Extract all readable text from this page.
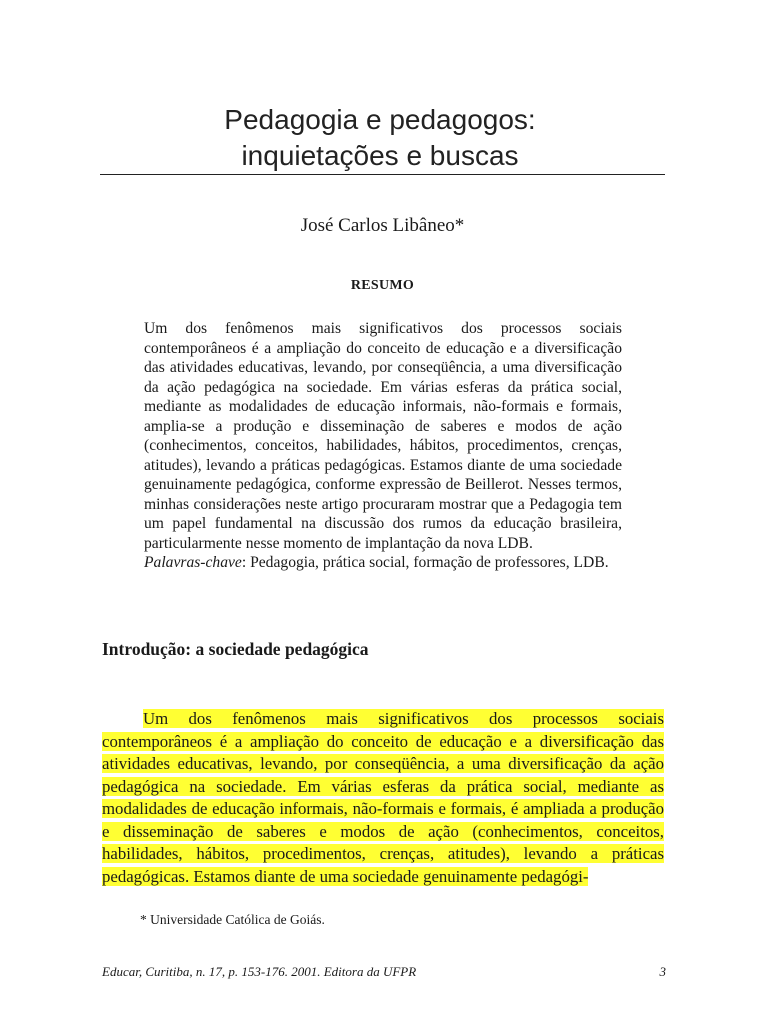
Pedagogia e pedagogos:
inquietações e buscas
José Carlos Libâneo*
RESUMO

Um dos fenômenos mais significativos dos processos sociais contemporâneos é a ampliação do conceito de educação e a diversificação das atividades educativas, levando, por conseqüência, a uma diversificação da ação pedagógica na sociedade. Em várias esferas da prática social, mediante as modalidades de educação informais, não-formais e formais, amplia-se a produção e disseminação de saberes e modos de ação (conhecimentos, conceitos, habilidades, hábitos, procedimentos, crenças, atitudes), levando a práticas pedagógicas. Estamos diante de uma sociedade genuinamente pedagógica, conforme expressão de Beillerot. Nesses termos, minhas considerações neste artigo procuraram mostrar que a Pedagogia tem um papel fundamental na discussão dos rumos da educação brasileira, particularmente nesse momento de implantação da nova LDB.

Palavras-chave: Pedagogia, prática social, formação de professores, LDB.

Introdução: a sociedade pedagógica
Um dos fenômenos mais significativos dos processos sociais contemporâneos é a ampliação do conceito de educação e a diversificação das atividades educativas, levando, por conseqüência, a uma diversificação da ação pedagógica na sociedade. Em várias esferas da prática social, mediante as modalidades de educação informais, não-formais e formais, é ampliada a produção e disseminação de saberes e modos de ação (conhecimentos, conceitos, habilidades, hábitos, procedimentos, crenças, atitudes), levando a práticas pedagógicas. Estamos diante de uma sociedade genuinamente pedagógi-
* Universidade Católica de Goiás.
Educar, Curitiba, n. 17, p. 153-176. 2001. Editora da UFPR	3
